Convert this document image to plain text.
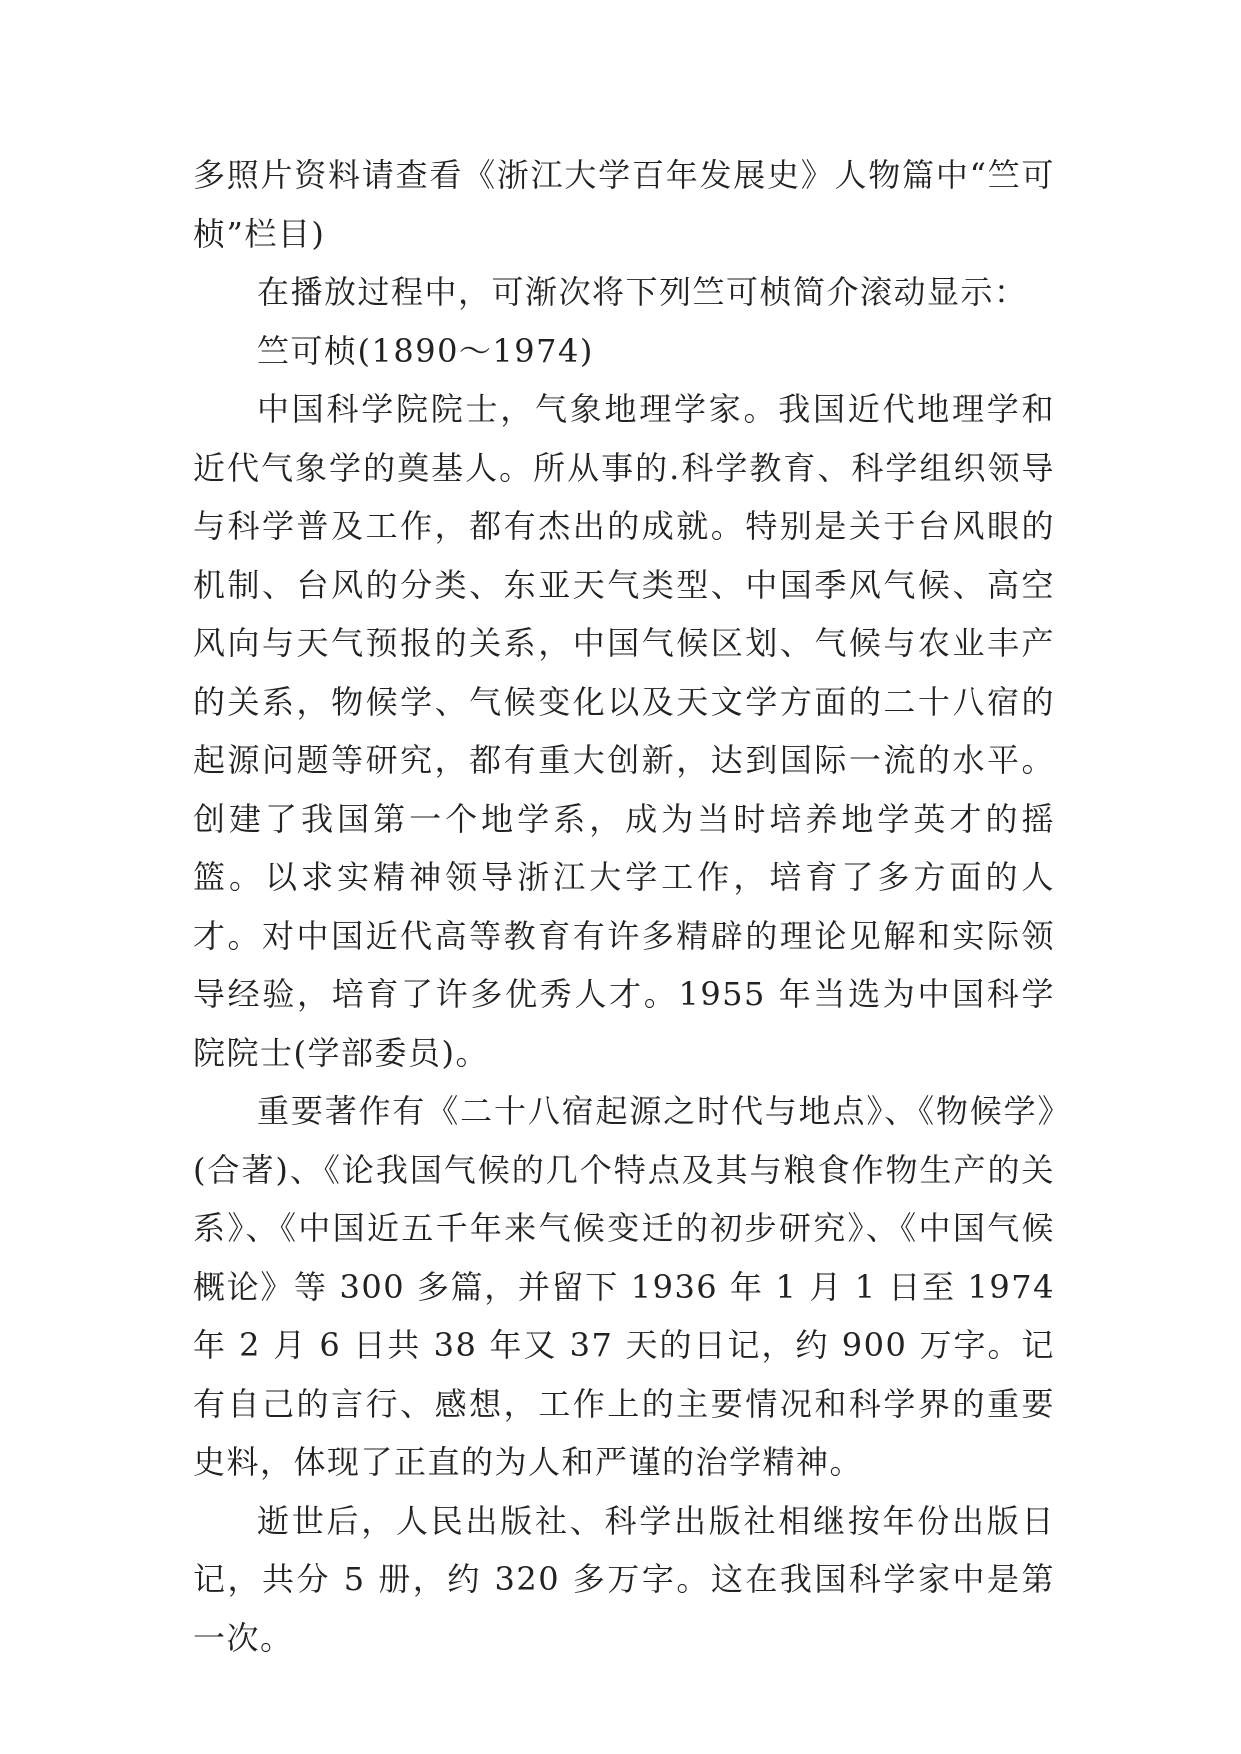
多照片资料请查看《浙江大学百年发展史》人物篇中“竺可桢”栏目)

在播放过程中，可渐次将下列竺可桢简介滚动显示：

竺可桢(1890～1974)

中国科学院院士，气象地理学家。我国近代地理学和近代气象学的奠基人。所从事的.科学教育、科学组织领导与科学普及工作，都有杰出的成就。特别是关于台风眼的机制、台风的分类、东亚天气类型、中国季风气候、高空风向与天气预报的关系，中国气候区划、气候与农业丰产的关系，物候学、气候变化以及天文学方面的二十八宿的起源问题等研究，都有重大创新，达到国际一流的水平。创建了我国第一个地学系，成为当时培养地学英才的摇篮。以求实精神领导浙江大学工作，培育了多方面的人才。对中国近代高等教育有许多精辟的理论见解和实际领导经验，培育了许多优秀人才。1955 年当选为中国科学院院士(学部委员)。

重要著作有《二十八宿起源之时代与地点》、《物候学》(合著)、《论我国气候的几个特点及其与粮食作物生产的关系》、《中国近五千年来气候变迁的初步研究》、《中国气候概论》等 300 多篇，并留下 1936 年 1 月 1 日至 1974 年 2 月 6 日共 38 年又 37 天的日记，约 900 万字。记有自己的言行、感想，工作上的主要情况和科学界的重要史料，体现了正直的为人和严谨的治学精神。

逝世后，人民出版社、科学出版社相继按年份出版日记，共分 5 册，约 320 多万字。这在我国科学家中是第一次。
